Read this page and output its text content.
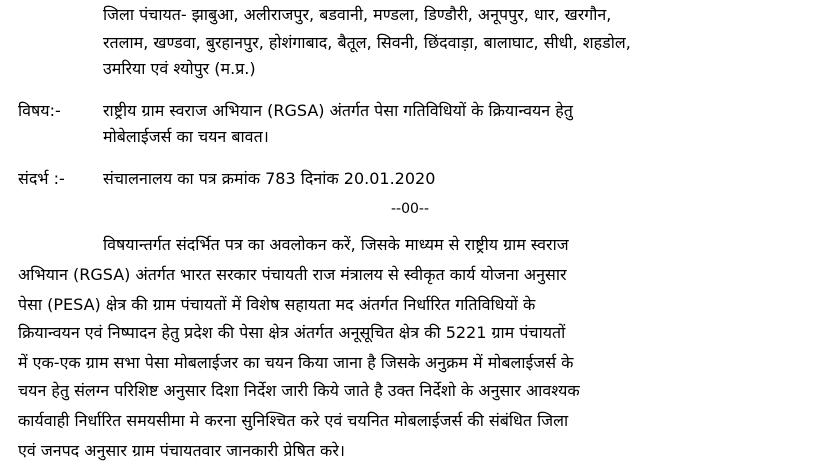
जिला पंचायत- झाबुआ, अलीराजपुर, बडवानी, मण्डला, डिण्डौरी, अनूपपुर, धार, खरगौन,
रतलाम, खण्डवा, बुरहानपुर, होशंगाबाद, बैतूल, सिवनी, छिंदवाड़ा, बालाघाट, सीधी, शहडोल,
उमरिया एवं श्योपुर (म.प्र.)
विषय:-	राष्ट्रीय ग्राम स्वराज अभियान (RGSA) अंतर्गत पेसा गतिविधियों के क्रियान्वयन हेतु
मोबेलाईजर्स का चयन बावत।
संदर्भ :- संचालनालय का पत्र क्रमांक 783 दिनांक 20.01.2020
--00--
विषयान्तर्गत संदर्भित पत्र का अवलोकन करें, जिसके माध्यम से राष्ट्रीय ग्राम स्वराज
अभियान (RGSA) अंतर्गत भारत सरकार पंचायती राज मंत्रालय से स्वीकृत कार्य योजना अनुसार
पेसा (PESA) क्षेत्र की ग्राम पंचायतों में विशेष सहायता मद अंतर्गत निर्धारित गतिविधियों के
क्रियान्वयन एवं निष्पादन हेतु प्रदेश की पेसा क्षेत्र अंतर्गत अनूसूचित क्षेत्र की 5221 ग्राम पंचायतों
में एक-एक ग्राम सभा पेसा मोबलाईजर का चयन किया जाना है जिसके अनुक्रम में मोबलाईजर्स के
चयन हेतु संलग्न परिशिष्ट अनुसार दिशा निर्देश जारी किये जाते है उक्त निर्देशो के अनुसार आवश्यक
कार्यवाही निर्धारित समयसीमा मे करना सुनिश्चित करे एवं चयनित मोबलाईजर्स की संबंधित जिला
एवं जनपद अनुसार ग्राम पंचायतवार जानकारी प्रेषित करे।
